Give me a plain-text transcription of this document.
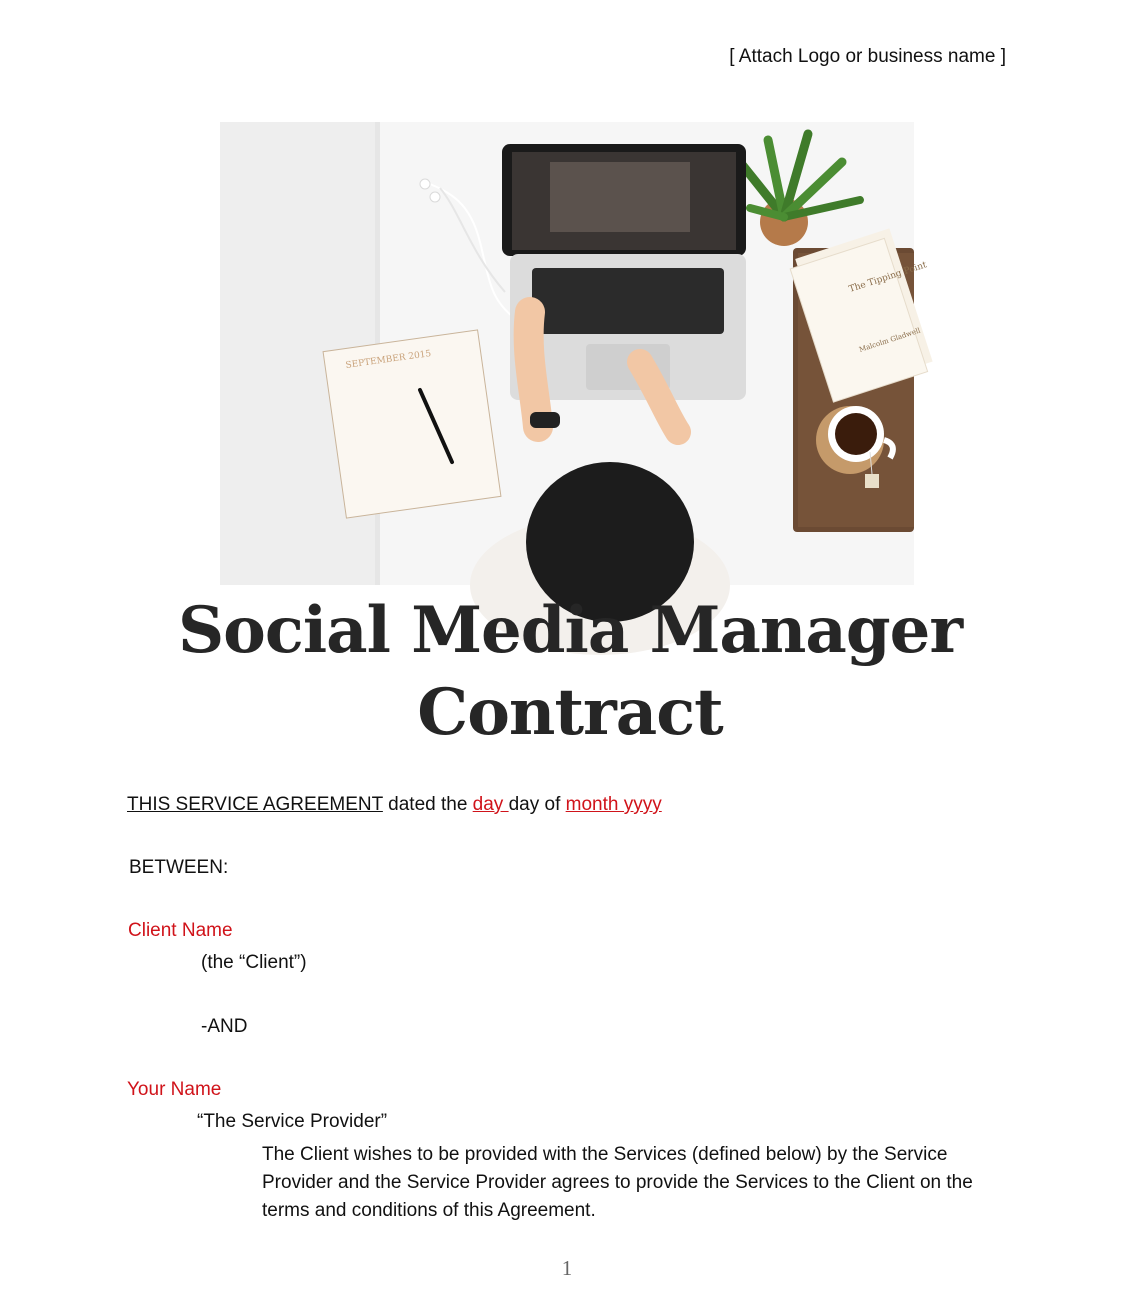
[ Attach Logo or business name ]
The Tipping Point
Malcolm Gladwell
SEPTEMBER 2015
Social Media Manager
Contract
THIS SERVICE AGREEMENT dated the day day of month yyyy
BETWEEN:
Client Name
(the “Client”)
-AND
Your Name
“The Service Provider”
The Client wishes to be provided with the Services (defined below) by the Service Provider and the Service Provider agrees to provide the Services to the Client on the terms and conditions of this Agreement.
1
